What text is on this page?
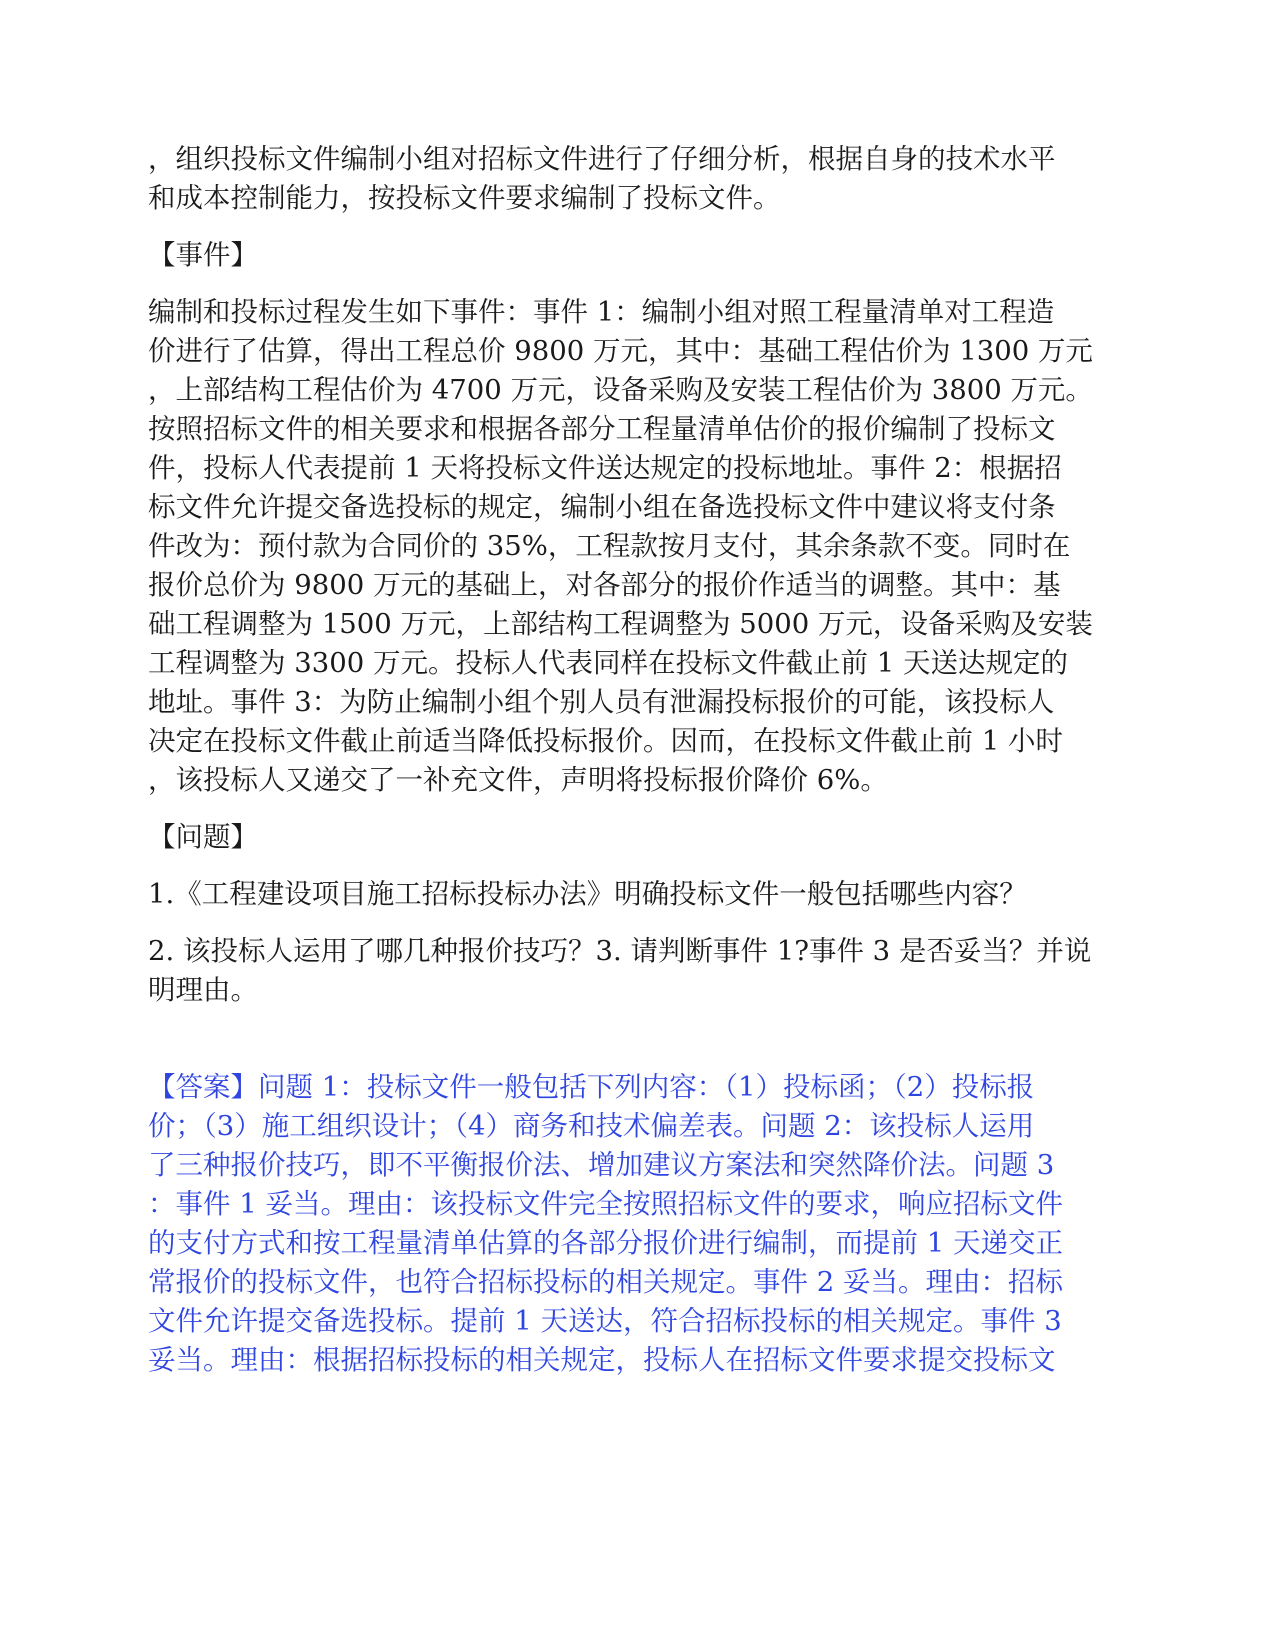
，组织投标文件编制小组对招标文件进行了仔细分析，根据自身的技术水平
和成本控制能力，按投标文件要求编制了投标文件。
【事件】
编制和投标过程发生如下事件：事件 1：编制小组对照工程量清单对工程造
价进行了估算，得出工程总价 9800 万元，其中：基础工程估价为 1300 万元
，上部结构工程估价为 4700 万元，设备采购及安装工程估价为 3800 万元。
按照招标文件的相关要求和根据各部分工程量清单估价的报价编制了投标文
件，投标人代表提前 1 天将投标文件送达规定的投标地址。事件 2：根据招
标文件允许提交备选投标的规定，编制小组在备选投标文件中建议将支付条
件改为：预付款为合同价的 35%，工程款按月支付，其余条款不变。同时在
报价总价为 9800 万元的基础上，对各部分的报价作适当的调整。其中：基
础工程调整为 1500 万元，上部结构工程调整为 5000 万元，设备采购及安装
工程调整为 3300 万元。投标人代表同样在投标文件截止前 1 天送达规定的
地址。事件 3：为防止编制小组个别人员有泄漏投标报价的可能，该投标人
决定在投标文件截止前适当降低投标报价。因而，在投标文件截止前 1 小时
，该投标人又递交了一补充文件，声明将投标报价降价 6%。
【问题】
1.《工程建设项目施工招标投标办法》明确投标文件一般包括哪些内容？
2. 该投标人运用了哪几种报价技巧？3. 请判断事件 1?事件 3 是否妥当？并说
明理由。
【答案】问题 1：投标文件一般包括下列内容：（1）投标函；（2）投标报
价；（3）施工组织设计；（4）商务和技术偏差表。问题 2：该投标人运用
了三种报价技巧，即不平衡报价法、增加建议方案法和突然降价法。问题 3
：事件 1 妥当。理由：该投标文件完全按照招标文件的要求，响应招标文件
的支付方式和按工程量清单估算的各部分报价进行编制，而提前 1 天递交正
常报价的投标文件，也符合招标投标的相关规定。事件 2 妥当。理由：招标
文件允许提交备选投标。提前 1 天送达，符合招标投标的相关规定。事件 3
妥当。理由：根据招标投标的相关规定，投标人在招标文件要求提交投标文
